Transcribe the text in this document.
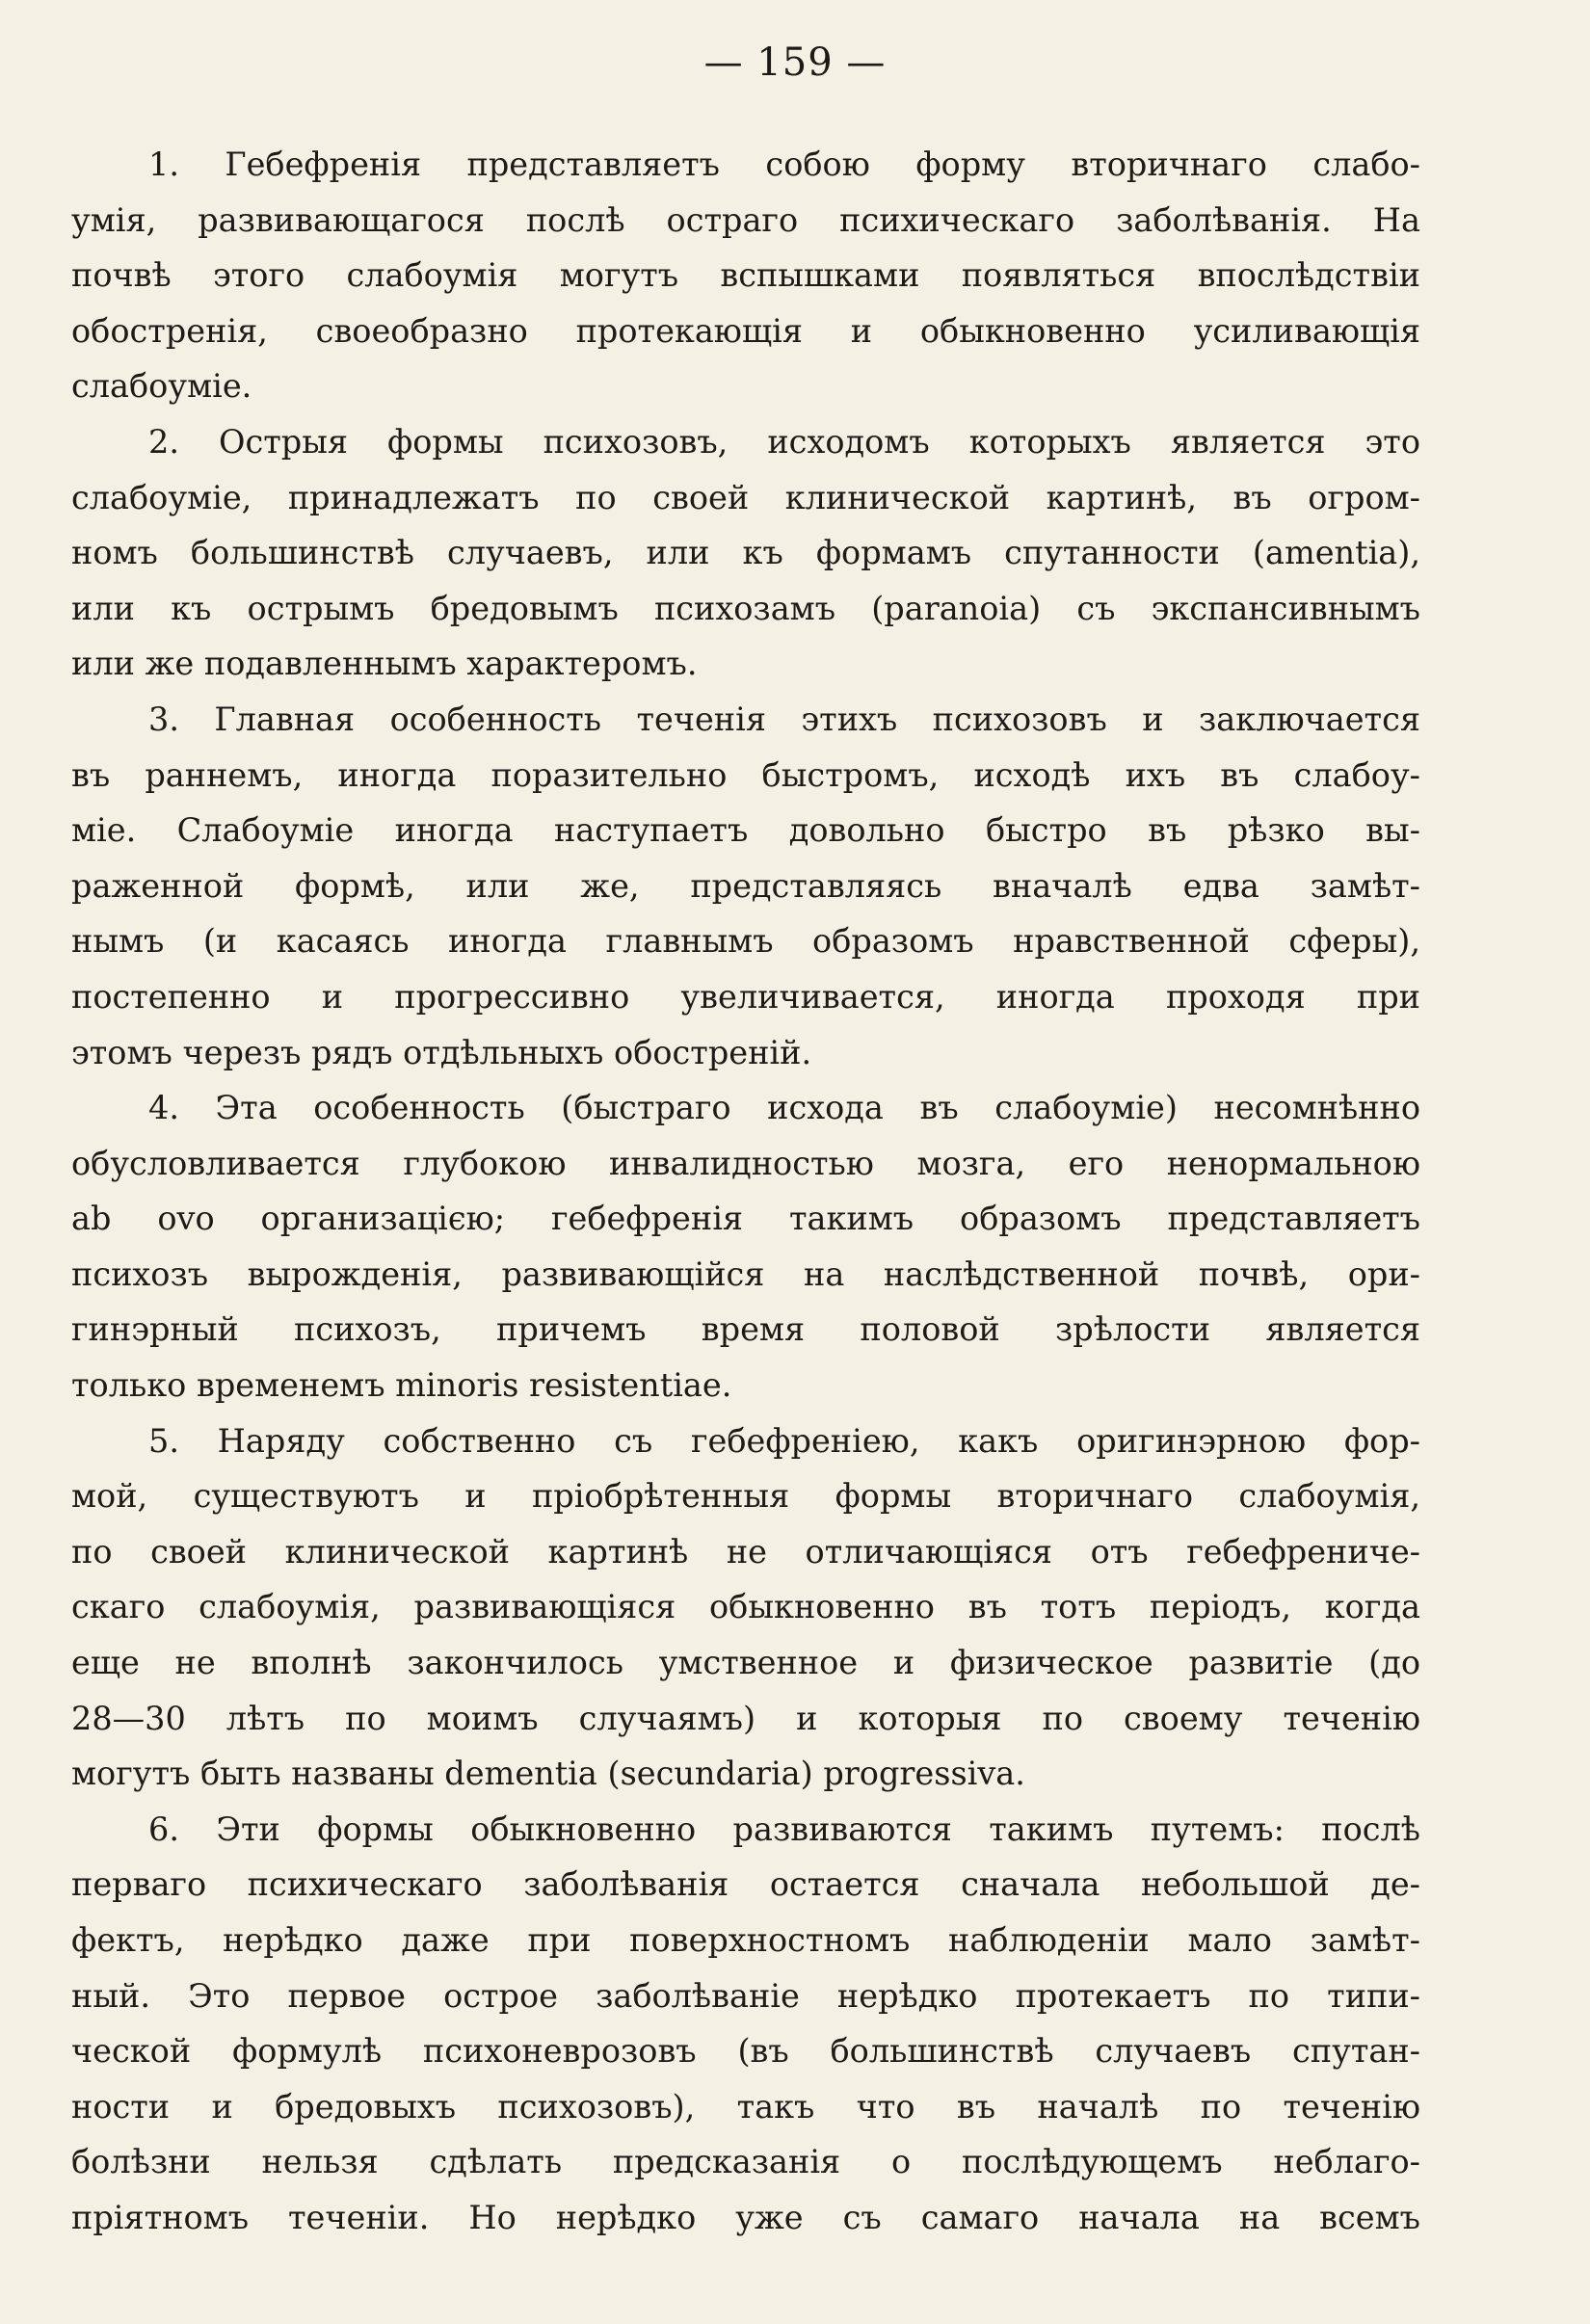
— 159 —
1. Гебефренія представляетъ собою форму вторичнаго слабо-
умія, развивающагося послѣ остраго психическаго заболѣванія. На
почвѣ этого слабоумія могутъ вспышками появляться впослѣдствіи
обостренія, своеобразно протекающія и обыкновенно усиливающія
слабоуміе.
2. Острыя формы психозовъ, исходомъ которыхъ является это
слабоуміе, принадлежатъ по своей клинической картинѣ, въ огром-
номъ большинствѣ случаевъ, или къ формамъ спутанности (amentia),
или къ острымъ бредовымъ психозамъ (paranoia) съ экспансивнымъ
или же подавленнымъ характеромъ.
3. Главная особенность теченія этихъ психозовъ и заключается
въ раннемъ, иногда поразительно быстромъ, исходѣ ихъ въ слабоу-
міе. Слабоуміе иногда наступаетъ довольно быстро въ рѣзко вы-
раженной формѣ, или же, представляясь вначалѣ едва замѣт-
нымъ (и касаясь иногда главнымъ образомъ нравственной сферы),
постепенно и прогрессивно увеличивается, иногда проходя при
этомъ черезъ рядъ отдѣльныхъ обостреній.
4. Эта особенность (быстраго исхода въ слабоуміе) несомнѣнно
обусловливается глубокою инвалидностью мозга, его ненормальною
ab ovo организацією; гебефренія такимъ образомъ представляетъ
психозъ вырожденія, развивающійся на наслѣдственной почвѣ, ори-
гинэрный психозъ, причемъ время половой зрѣлости является
только временемъ minoris resistentiae.
5. Наряду собственно съ гебефреніею, какъ оригинэрною фор-
мой, существуютъ и пріобрѣтенныя формы вторичнаго слабоумія,
по своей клинической картинѣ не отличающіяся отъ гебефрениче-
скаго слабоумія, развивающіяся обыкновенно въ тотъ періодъ, когда
еще не вполнѣ закончилось умственное и физическое развитіе (до
28—30 лѣтъ по моимъ случаямъ) и которыя по своему теченію
могутъ быть названы dementia (secundaria) progressiva.
6. Эти формы обыкновенно развиваются такимъ путемъ: послѣ
перваго психическаго заболѣванія остается сначала небольшой де-
фектъ, нерѣдко даже при поверхностномъ наблюденіи мало замѣт-
ный. Это первое острое заболѣваніе нерѣдко протекаетъ по типи-
ческой формулѣ психоневрозовъ (въ большинствѣ случаевъ спутан-
ности и бредовыхъ психозовъ), такъ что въ началѣ по теченію
болѣзни нельзя сдѣлать предсказанія о послѣдующемъ неблаго-
пріятномъ теченіи. Но нерѣдко уже съ самаго начала на всемъ
